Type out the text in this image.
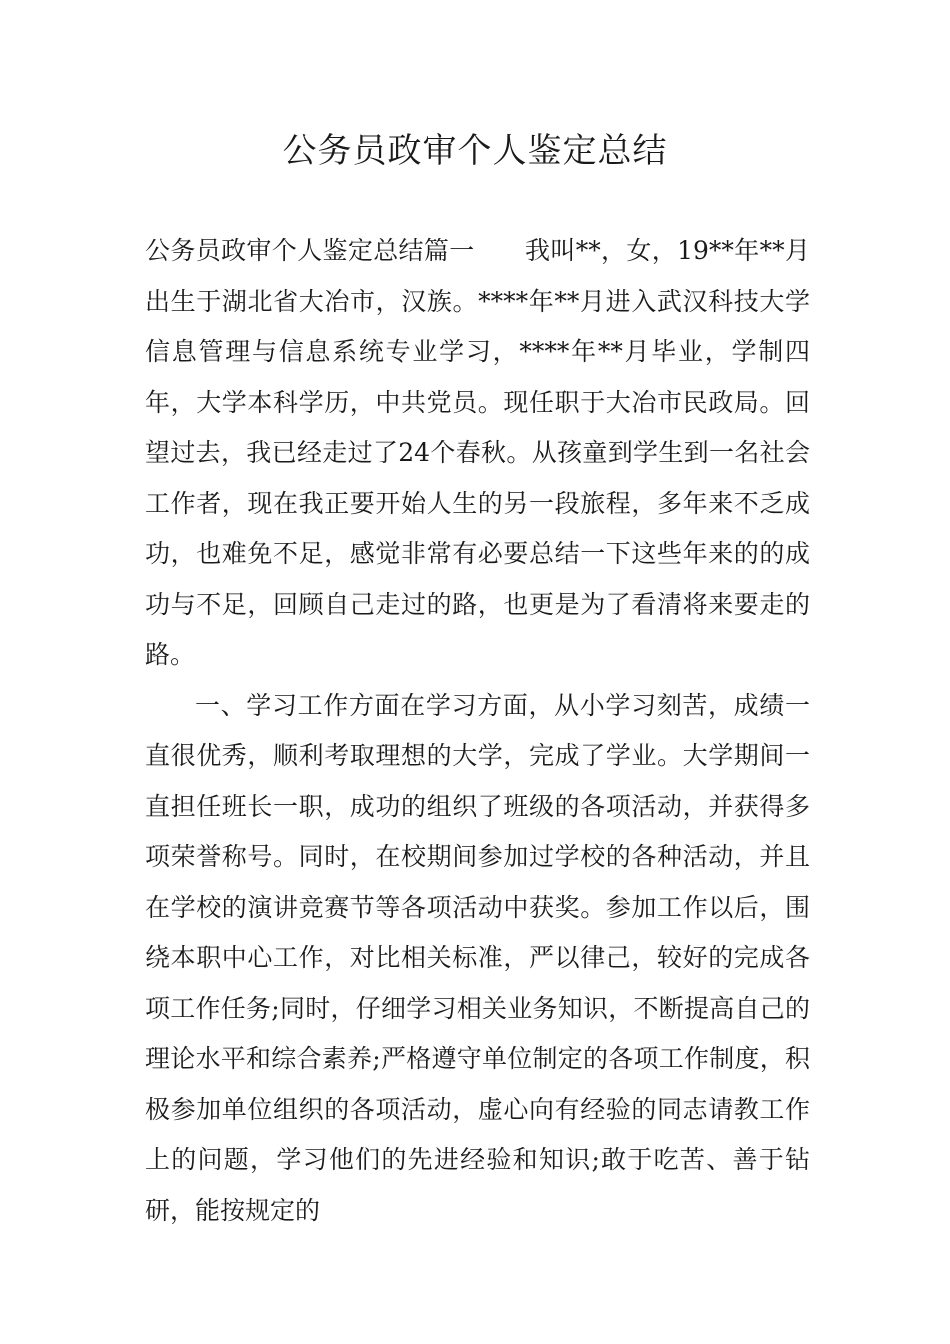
公务员政审个人鉴定总结

公务员政审个人鉴定总结篇一 我叫**，女，19**年**月出生于湖北省大冶市，汉族。****年**月进入武汉科技大学信息管理与信息系统专业学习，****年**月毕业，学制四年，大学本科学历，中共党员。现任职于大冶市民政局。回望过去，我已经走过了24个春秋。从孩童到学生到一名社会工作者，现在我正要开始人生的另一段旅程，多年来不乏成功，也难免不足，感觉非常有必要总结一下这些年来的的成功与不足，回顾自己走过的路，也更是为了看清将来要走的路。

一、学习工作方面在学习方面，从小学习刻苦，成绩一直很优秀，顺利考取理想的大学，完成了学业。大学期间一直担任班长一职，成功的组织了班级的各项活动，并获得多项荣誉称号。同时，在校期间参加过学校的各种活动，并且在学校的演讲竞赛节等各项活动中获奖。参加工作以后，围绕本职中心工作，对比相关标准，严以律己，较好的完成各项工作任务;同时，仔细学习相关业务知识，不断提高自己的理论水平和综合素养;严格遵守单位制定的各项工作制度，积极参加单位组织的各项活动，虚心向有经验的同志请教工作上的问题，学习他们的先进经验和知识;敢于吃苦、善于钻研，能按规定的
